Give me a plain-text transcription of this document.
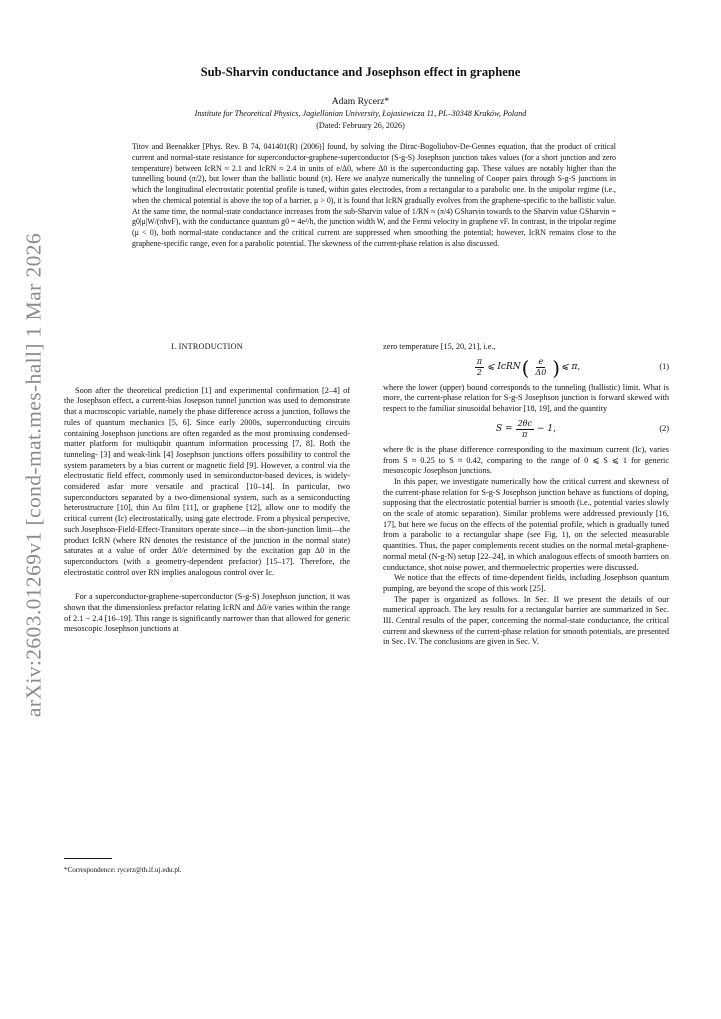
arXiv:2603.01269v1 [cond-mat.mes-hall] 1 Mar 2026
Sub-Sharvin conductance and Josephson effect in graphene
Adam Rycerz*
Institute for Theoretical Physics, Jagiellonian University, Łojasiewicza 11, PL–30348 Kraków, Poland
(Dated: February 26, 2026)

Titov and Beenakker [Phys. Rev. B 74, 041401(R) (2006)] found, by solving the Dirac-Bogoliubov-De-Gennes equation, that the product of critical current and normal-state resistance for superconductor-graphene-superconductor (S-g-S) Josephson junction takes values (for a short junction and zero temperature) between IcRN ≈ 2.1 and IcRN ≈ 2.4 in units of e/Δ0, where Δ0 is the superconducting gap. These values are notably higher than the tunnelling bound (π/2), but lower than the ballistic bound (π). Here we analyze numerically the tunneling of Cooper pairs through S-g-S junctions in which the longitudinal electrostatic potential profile is tuned, within gates electrodes, from a rectangular to a parabolic one. In the unipolar regime (i.e., when the chemical potential is above the top of a barrier, μ > 0), it is found that IcRN gradually evolves from the graphene-specific to the ballistic value. At the same time, the normal-state conductance increases from the sub-Sharvin value of 1/RN ≈ (π/4) GSharvin towards to the Sharvin value GSharvin = g0|μ|W/(πħvF), with the conductance quantum g0 = 4e²/h, the junction width W, and the Fermi velocity in graphene vF. In contrast, in the tripolar regime (μ < 0), both normal-state conductance and the critical current are suppressed when smoothing the potential; however, IcRN remains close to the graphene-specific range, even for a parabolic potential. The skewness of the current-phase relation is also discussed.

I. INTRODUCTION

Soon after the theoretical prediction [1] and experimental confirmation [2–4] of the Josephson effect, a current-bias Josepson tunnel junction was used to demonstrate that a macroscopic variable, namely the phase difference across a junction, follows the rules of quantum mechanics [5, 6]. Since early 2000s, superconducting circuits containing Josephson junctions are often regarded as the most promissing condensed-matter platform for multiqubit quantum information processing [7, 8]. Both the tunneling- [3] and weak-link [4] Josephson junctions offers possibility to control the system parameters by a bias current or magnetic field [9]. However, a control via the electrostatic field effect, commonly used in semiconductor-based devices, is widely-considered asfar more versatile and practical [10–14]. In particular, two superconductors separated by a two-dimensional system, such as a semiconducting heterostructure [10], thin Au film [11], or graphene [12], allow one to modify the critical current (Ic) electrostatically, using gate electrode. From a physical perspecive, such Josephson-Field-Effect-Transitors operate since—in the short-junction limit—the product IcRN (where RN denotes the resistance of the junction in the normal state) saturates at a value of order Δ0/e determined by the excitation gap Δ0 in the superconductors (with a geometry-dependent prefactor) [15–17]. Therefore, the electrostatic control over RN implies analogous control over Ic.

For a superconductor-graphene-superconductor (S-g-S) Josephson junction, it was shown that the dimensionless prefactor relating IcRN and Δ0/e varies within the range of 2.1 − 2.4 [16–19]. This range is significantly narrower than that allowed for generic mesoscopic Josephson junctions at

zero temperature [15, 20, 21], i.e.,

$\frac{\pi}{2}$ ⩽ IcRN ( $\frac{e}{\Delta 0}$ ) ⩽ π,	(1)

where the lower (upper) bound corresponds to the tunneling (ballistic) limit. What is more, the current-phase relation for S-g-S Josephson junction is forward skewed with respect to the familiar sinusoidal behavior [18, 19], and the quantity

$S = \frac{2\theta c}{\pi} - 1$,	(2)

where θc is the phase difference corresponding to the maximum current (Ic), varies from S ≈ 0.25 to S ≈ 0.42, comparing to the range of 0 ⩽ S ⩽ 1 for generic mesoscopic Josephson junctions.

In this paper, we investigate numerically how the critical current and skewness of the current-phase relation for S-g-S Josephson junction behave as functions of doping, supposing that the electrostatic potential barrier is smooth (i.e., potential varies slowly on the scale of atomic separation). Similar problems were addressed previously [16, 17], but here we focus on the effects of the potential profile, which is gradually tuned from a parabolic to a rectangular shape (see Fig. 1), on the selected measurable quantities. Thus, the paper complements recent studies on the normal metal-graphene-normal metal (N-g-N) setup [22–24], in which analogous effects of smooth barriers on conductance, shot noise power, and thermoelectric properties were discussed.

We notice that the effects of time-dependent fields, including Josephson quantum pumping, are beyond the scope of this work [25].

The paper is organized as follows. In Sec. II we present the details of our numerical approach. The key results for a rectangular barrier are summarized in Sec. III. Central results of the paper, concerning the normal-state conductance, the critical current and skewness of the current-phase relation for smooth potentials, are presented in Sec. IV. The conclusions are given in Sec. V.

*Correspondence: rycerz@th.if.uj.edu.pl.
